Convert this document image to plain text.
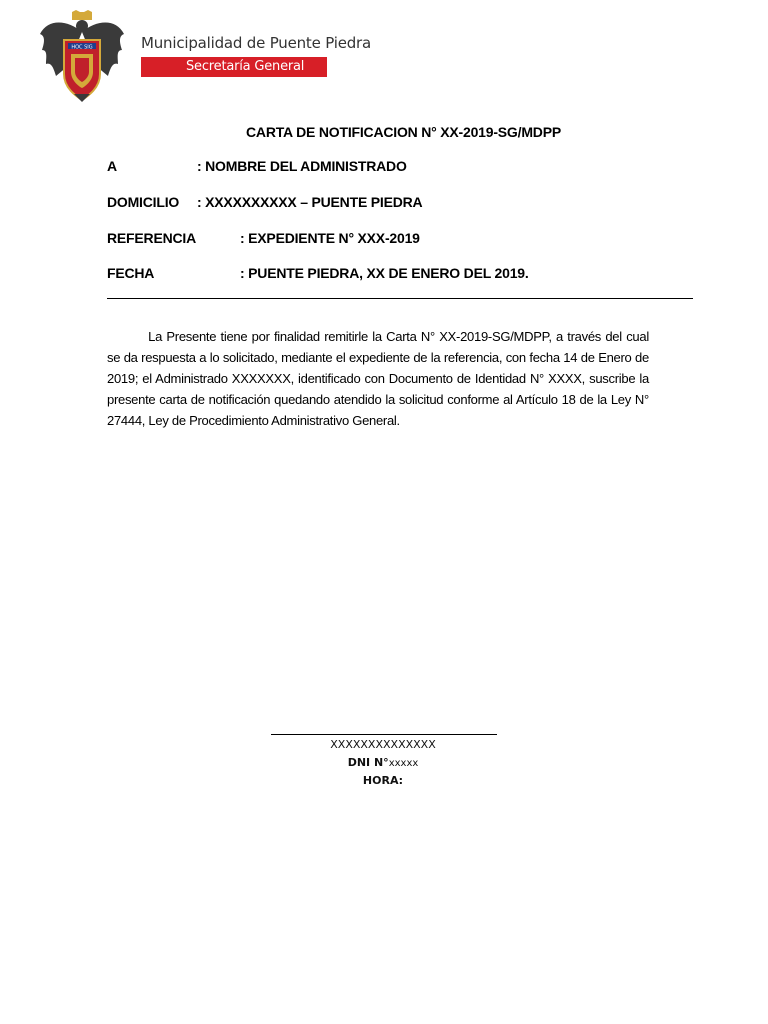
HOC SIG	Municipalidad de Puente Piedra
Secretaría General
CARTA DE NOTIFICACION N° XX-2019-SG/MDPP
A	: NOMBRE DEL ADMINISTRADO
DOMICILIO : XXXXXXXXXX – PUENTE PIEDRA
REFERENCIA	: EXPEDIENTE N° XXX-2019
FECHA	: PUENTE PIEDRA, XX DE ENERO DEL 2019.
La Presente tiene por finalidad remitirle la Carta N° XX-2019-SG/MDPP, a través del cual se da respuesta a lo solicitado, mediante el expediente de la referencia, con fecha 14 de Enero de 2019; el Administrado XXXXXXX, identificado con Documento de Identidad N° XXXX, suscribe la presente carta de notificación quedando atendido la solicitud conforme al Artículo 18 de la Ley N° 27444, Ley de Procedimiento Administrativo General.
XXXXXXXXXXXXXX
DNI N°xxxxx
HORA:
